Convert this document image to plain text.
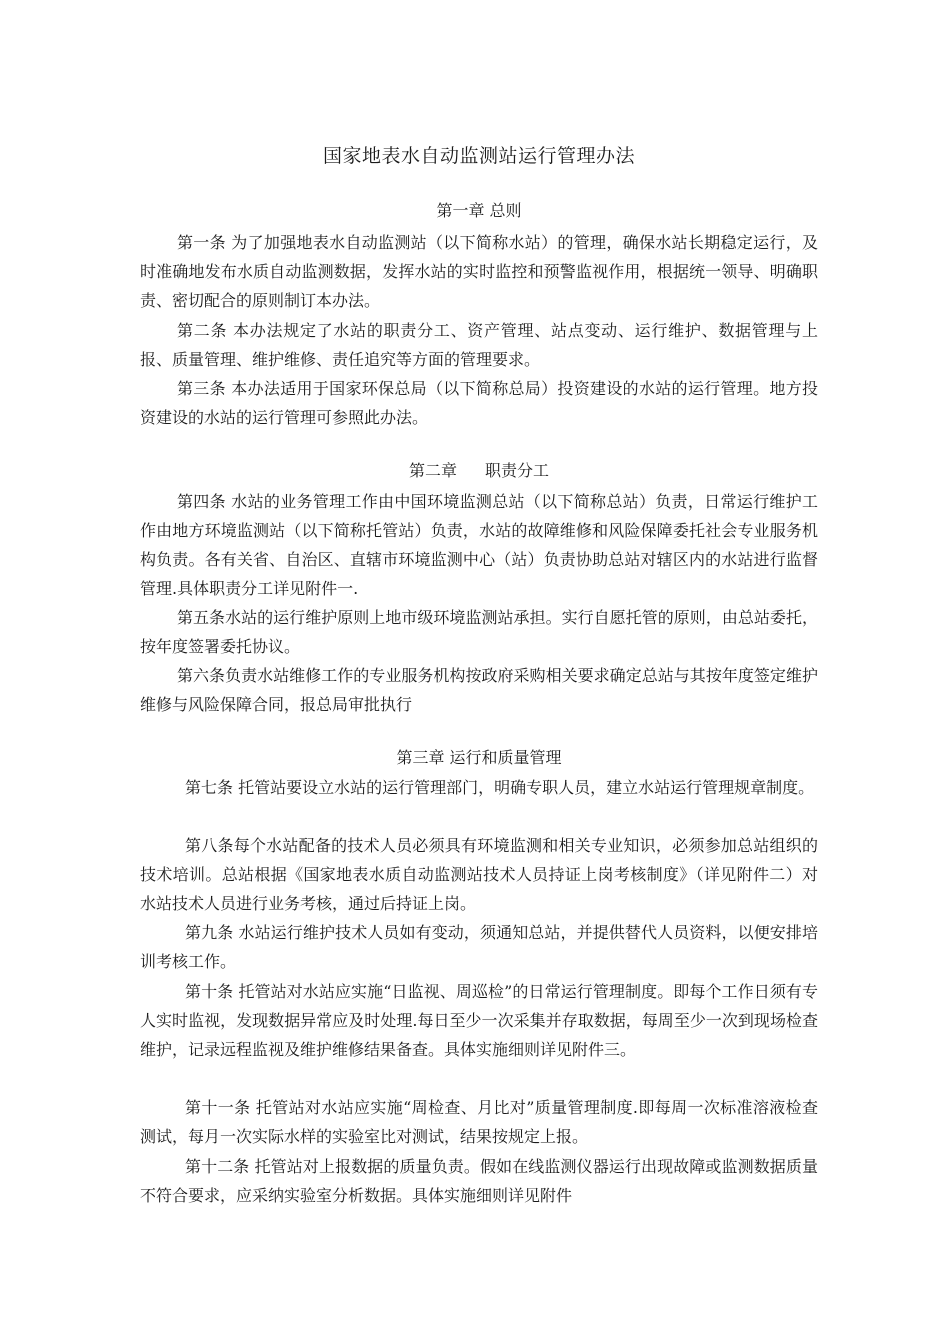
国家地表水自动监测站运行管理办法
第一章 总则

第一条 为了加强地表水自动监测站（以下简称水站）的管理，确保水站长期稳定运行，及时准确地发布水质自动监测数据，发挥水站的实时监控和预警监视作用，根据统一领导、明确职责、密切配合的原则制订本办法。

第二条 本办法规定了水站的职责分工、资产管理、站点变动、运行维护、数据管理与上报、质量管理、维护维修、责任追究等方面的管理要求。

第三条 本办法适用于国家环保总局（以下简称总局）投资建设的水站的运行管理。地方投资建设的水站的运行管理可参照此办法。

第二章 职责分工

第四条 水站的业务管理工作由中国环境监测总站（以下简称总站）负责，日常运行维护工作由地方环境监测站（以下简称托管站）负责，水站的故障维修和风险保障委托社会专业服务机构负责。各有关省、自治区、直辖市环境监测中心（站）负责协助总站对辖区内的水站进行监督管理.具体职责分工详见附件一.

第五条水站的运行维护原则上地市级环境监测站承担。实行自愿托管的原则，由总站委托，按年度签署委托协议。

第六条负责水站维修工作的专业服务机构按政府采购相关要求确定总站与其按年度签定维护维修与风险保障合同，报总局审批执行

第三章 运行和质量管理

第七条 托管站要设立水站的运行管理部门，明确专职人员，建立水站运行管理规章制度。

第八条每个水站配备的技术人员必须具有环境监测和相关专业知识，必须参加总站组织的技术培训。总站根据《国家地表水质自动监测站技术人员持证上岗考核制度》（详见附件二）对水站技术人员进行业务考核，通过后持证上岗。

第九条 水站运行维护技术人员如有变动，须通知总站，并提供替代人员资料，以便安排培训考核工作。

第十条 托管站对水站应实施“日监视、周巡检”的日常运行管理制度。即每个工作日须有专人实时监视，发现数据异常应及时处理.每日至少一次采集并存取数据，每周至少一次到现场检查维护，记录远程监视及维护维修结果备查。具体实施细则详见附件三。

第十一条 托管站对水站应实施“周检查、月比对”质量管理制度.即每周一次标准溶液检查测试，每月一次实际水样的实验室比对测试，结果按规定上报。

第十二条 托管站对上报数据的质量负责。假如在线监测仪器运行出现故障或监测数据质量不符合要求，应采纳实验室分析数据。具体实施细则详见附件
